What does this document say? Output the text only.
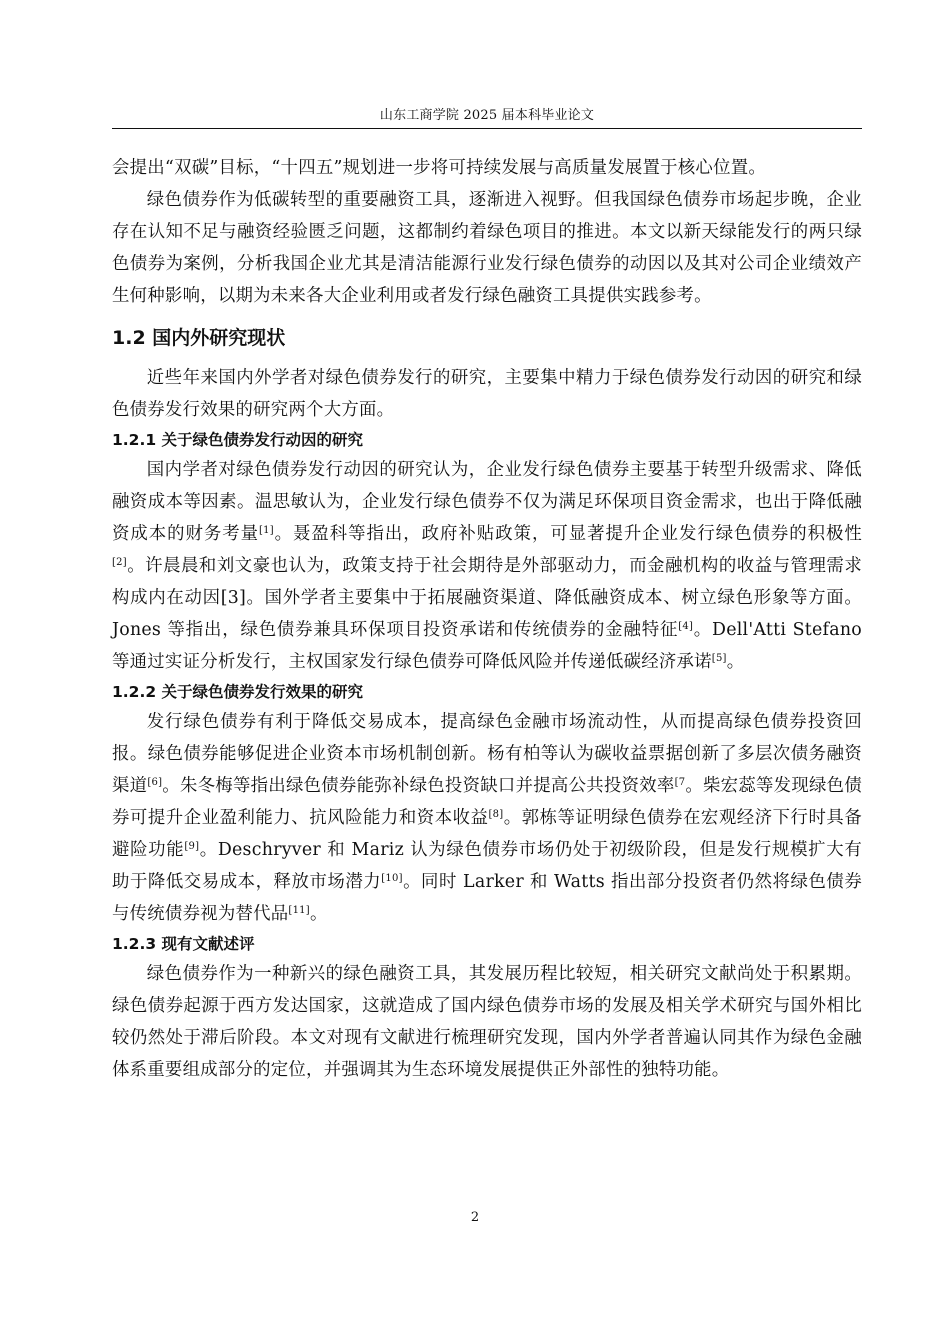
山东工商学院 2025 届本科毕业论文

会提出“双碳”目标，“十四五”规划进一步将可持续发展与高质量发展置于核心位置。

绿色债券作为低碳转型的重要融资工具，逐渐进入视野。但我国绿色债券市场起步晚，企业存在认知不足与融资经验匮乏问题，这都制约着绿色项目的推进。本文以新天绿能发行的两只绿色债券为案例，分析我国企业尤其是清洁能源行业发行绿色债券的动因以及其对公司企业绩效产生何种影响，以期为未来各大企业利用或者发行绿色融资工具提供实践参考。

1.2 国内外研究现状

近些年来国内外学者对绿色债券发行的研究，主要集中精力于绿色债券发行动因的研究和绿色债券发行效果的研究两个大方面。

1.2.1 关于绿色债券发行动因的研究

国内学者对绿色债券发行动因的研究认为，企业发行绿色债券主要基于转型升级需求、降低融资成本等因素。温思敏认为，企业发行绿色债券不仅为满足环保项目资金需求，也出于降低融资成本的财务考量[1]。聂盈科等指出，政府补贴政策，可显著提升企业发行绿色债券的积极性[2]。许晨晨和刘文豪也认为，政策支持于社会期待是外部驱动力，而金融机构的收益与管理需求构成内在动因[3]。国外学者主要集中于拓展融资渠道、降低融资成本、树立绿色形象等方面。Jones 等指出，绿色债券兼具环保项目投资承诺和传统债券的金融特征[4]。Dell'Atti Stefano 等通过实证分析发行，主权国家发行绿色债券可降低风险并传递低碳经济承诺[5]。

1.2.2 关于绿色债券发行效果的研究

发行绿色债券有利于降低交易成本，提高绿色金融市场流动性，从而提高绿色债券投资回报。绿色债券能够促进企业资本市场机制创新。杨有柏等认为碳收益票据创新了多层次债务融资渠道[6]。朱冬梅等指出绿色债券能弥补绿色投资缺口并提高公共投资效率$^{[7}$。柴宏蕊等发现绿色债券可提升企业盈利能力、抗风险能力和资本收益[8]。郭栋等证明绿色债券在宏观经济下行时具备避险功能[9]。Deschryver 和 Mariz 认为绿色债券市场仍处于初级阶段，但是发行规模扩大有助于降低交易成本，释放市场潜力[10]。同时 Larker 和 Watts 指出部分投资者仍然将绿色债券与传统债券视为替代品[11]。

1.2.3 现有文献述评

绿色债券作为一种新兴的绿色融资工具，其发展历程比较短，相关研究文献尚处于积累期。绿色债券起源于西方发达国家，这就造成了国内绿色债券市场的发展及相关学术研究与国外相比较仍然处于滞后阶段。本文对现有文献进行梳理研究发现，国内外学者普遍认同其作为绿色金融体系重要组成部分的定位，并强调其为生态环境发展提供正外部性的独特功能。

2
